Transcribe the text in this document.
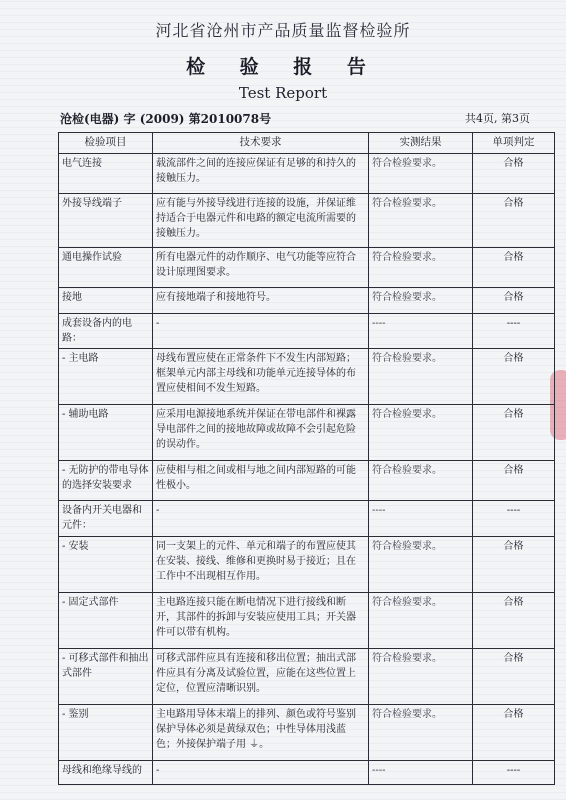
河北省沧州市产品质量监督检验所
检 验 报 告
Test Report
沧检(电器) 字 (2009) 第2010078号	共4页, 第3页
检验项目	技术要求	实测结果	单项判定
电气连接	载流部件之间的连接应保证有足够的和持久的接触压力。	符合检验要求。	合格
外接导线端子	应有能与外接导线进行连接的设施，并保证维持适合于电器元件和电路的额定电流所需要的接触压力。	符合检验要求。	合格
通电操作试验	所有电器元件的动作顺序、电气功能等应符合设计原理图要求。	符合检验要求。	合格
接地	应有接地端子和接地符号。	符合检验要求。	合格
成套设备内的电路：	-	----	----
- 主电路	母线布置应使在正常条件下不发生内部短路；框架单元内部主母线和功能单元连接导体的布置应使相间不发生短路。	符合检验要求。	合格
- 辅助电路	应采用电源接地系统并保证在带电部件和裸露导电部件之间的接地故障或故障不会引起危险的误动作。	符合检验要求。	合格
- 无防护的带电导体的选择安装要求	应使相与相之间或相与地之间内部短路的可能性极小。	符合检验要求。	合格
设备内开关电器和元件：	-	----	----
- 安装	同一支架上的元件、单元和端子的布置应使其在安装、接线、维修和更换时易于接近；且在工作中不出现相互作用。	符合检验要求。	合格
- 固定式部件	主电路连接只能在断电情况下进行接线和断开，其部件的拆卸与安装应使用工具；开关器件可以带有机构。	符合检验要求。	合格
- 可移式部件和抽出式部件	可移式部件应具有连接和移出位置；抽出式部件应具有分离及试验位置，应能在这些位置上定位，位置应清晰识别。	符合检验要求。	合格
- 鉴别	主电路用导体末端上的排列、颜色或符号鉴别保护导体必须是黄绿双色；中性导体用浅蓝色；外接保护端子用 ⏚。	符合检验要求。	合格
母线和绝缘导线的	-	----	----
